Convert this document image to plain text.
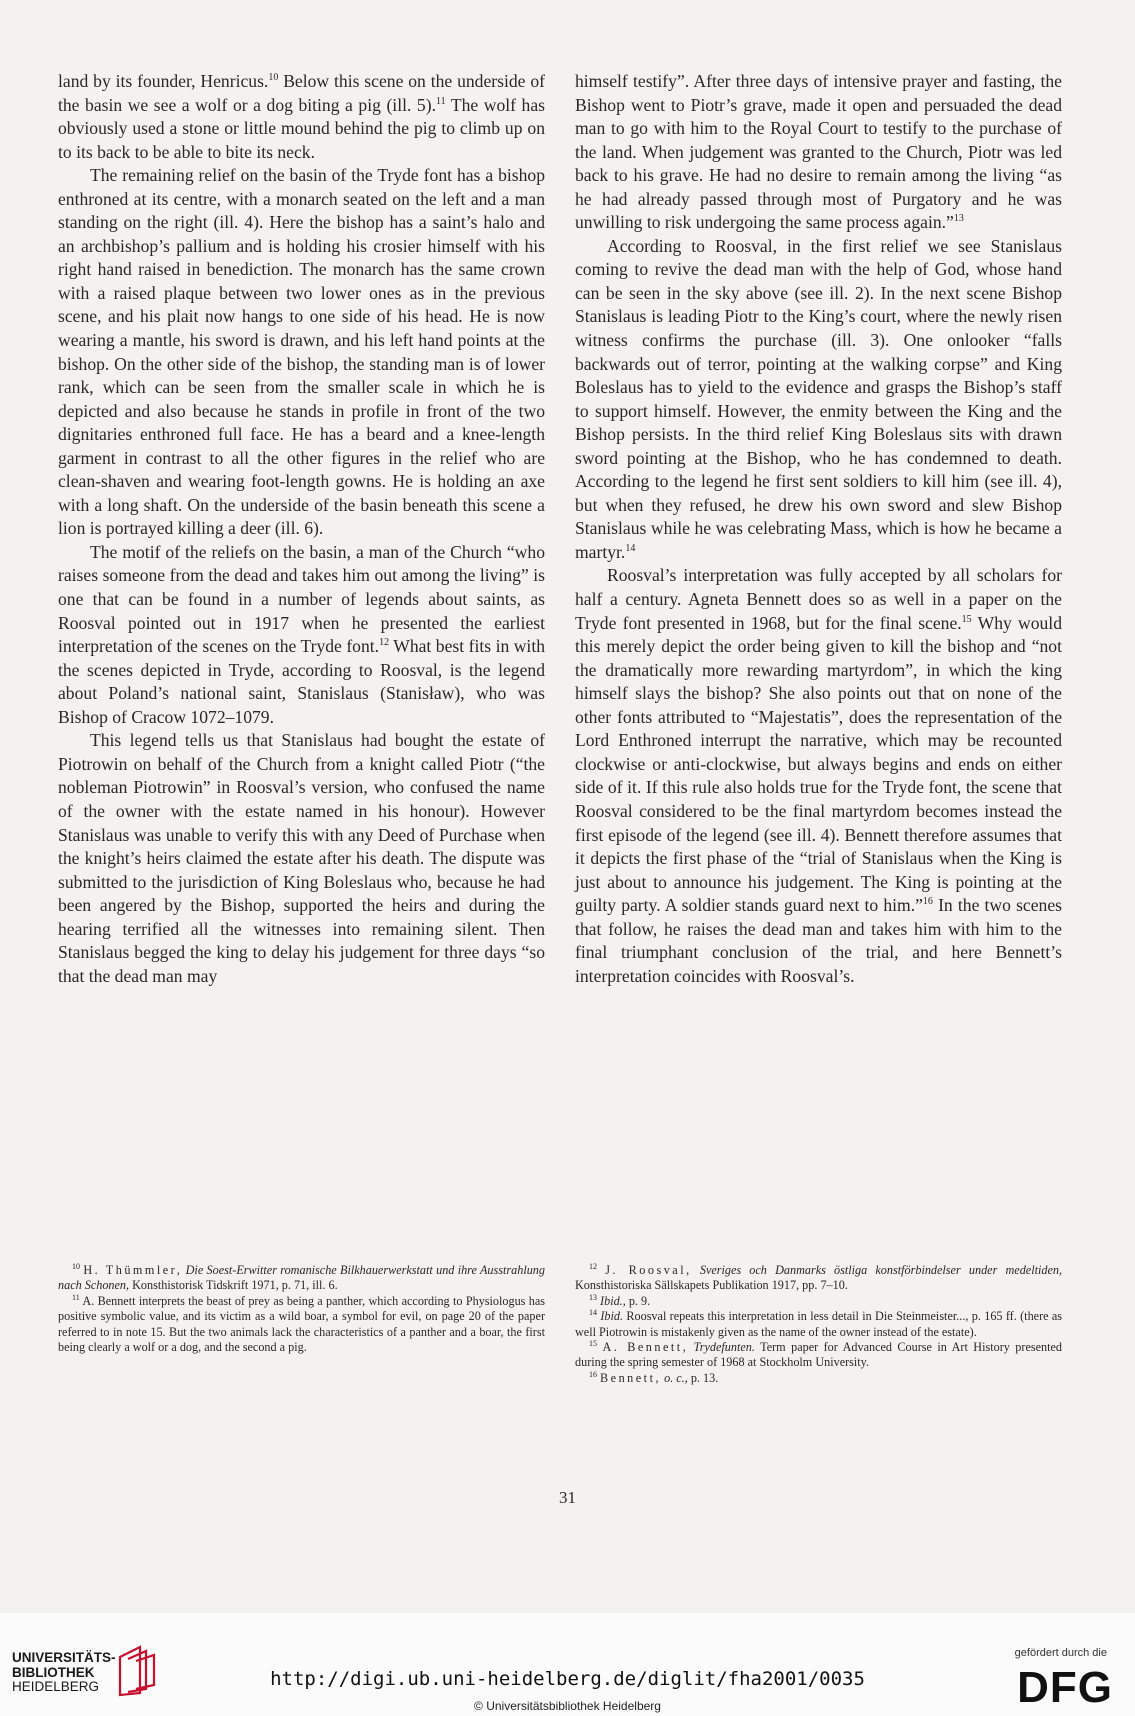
land by its founder, Henricus.$^{10}$ Below this scene on the underside of the basin we see a wolf or a dog biting a pig (ill. 5).$^{11}$ The wolf has obviously used a stone or little mound behind the pig to climb up on to its back to be able to bite its neck.

The remaining relief on the basin of the Tryde font has a bishop enthroned at its centre, with a monarch seated on the left and a man standing on the right (ill. 4). Here the bishop has a saint’s halo and an archbishop’s pallium and is holding his crosier himself with his right hand raised in benediction. The monarch has the same crown with a raised plaque between two lower ones as in the previous scene, and his plait now hangs to one side of his head. He is now wearing a mantle, his sword is drawn, and his left hand points at the bishop. On the other side of the bishop, the standing man is of lower rank, which can be seen from the smaller scale in which he is depicted and also because he stands in profile in front of the two dignitaries enthroned full face. He has a beard and a knee-length garment in contrast to all the other figures in the relief who are clean-shaven and wearing foot-length gowns. He is holding an axe with a long shaft. On the underside of the basin beneath this scene a lion is portrayed killing a deer (ill. 6).

The motif of the reliefs on the basin, a man of the Church “who raises someone from the dead and takes him out among the living” is one that can be found in a number of legends about saints, as Roosval pointed out in 1917 when he presented the earliest interpretation of the scenes on the Tryde font.$^{12}$ What best fits in with the scenes depicted in Tryde, according to Roosval, is the legend about Poland’s national saint, Stanislaus (Stanisław), who was Bishop of Cracow 1072–1079.

This legend tells us that Stanislaus had bought the estate of Piotrowin on behalf of the Church from a knight called Piotr (“the nobleman Piotrowin” in Roosval’s version, who confused the name of the owner with the estate named in his honour). However Stanislaus was unable to verify this with any Deed of Purchase when the knight’s heirs claimed the estate after his death. The dispute was submitted to the jurisdiction of King Boleslaus who, because he had been angered by the Bishop, supported the heirs and during the hearing terrified all the witnesses into remaining silent. Then Stanislaus begged the king to delay his judgement for three days “so that the dead man may

himself testify”. After three days of intensive prayer and fasting, the Bishop went to Piotr’s grave, made it open and persuaded the dead man to go with him to the Royal Court to testify to the purchase of the land. When judgement was granted to the Church, Piotr was led back to his grave. He had no desire to remain among the living “as he had already passed through most of Purgatory and he was unwilling to risk undergoing the same process again.”$^{13}$

According to Roosval, in the first relief we see Stanislaus coming to revive the dead man with the help of God, whose hand can be seen in the sky above (see ill. 2). In the next scene Bishop Stanislaus is leading Piotr to the King’s court, where the newly risen witness confirms the purchase (ill. 3). One onlooker “falls backwards out of terror, pointing at the walking corpse” and King Boleslaus has to yield to the evidence and grasps the Bishop’s staff to support himself. However, the enmity between the King and the Bishop persists. In the third relief King Boleslaus sits with drawn sword pointing at the Bishop, who he has condemned to death. According to the legend he first sent soldiers to kill him (see ill. 4), but when they refused, he drew his own sword and slew Bishop Stanislaus while he was celebrating Mass, which is how he became a martyr.$^{14}$

Roosval’s interpretation was fully accepted by all scholars for half a century. Agneta Bennett does so as well in a paper on the Tryde font presented in 1968, but for the final scene.$^{15}$ Why would this merely depict the order being given to kill the bishop and “not the dramatically more rewarding martyrdom”, in which the king himself slays the bishop? She also points out that on none of the other fonts attributed to “Majestatis”, does the representation of the Lord Enthroned interrupt the narrative, which may be recounted clockwise or anti-clockwise, but always begins and ends on either side of it. If this rule also holds true for the Tryde font, the scene that Roosval considered to be the final martyrdom becomes instead the first episode of the legend (see ill. 4). Bennett therefore assumes that it depicts the first phase of the “trial of Stanislaus when the King is just about to announce his judgement. The King is pointing at the guilty party. A soldier stands guard next to him.”$^{16}$ In the two scenes that follow, he raises the dead man and takes him with him to the final triumphant conclusion of the trial, and here Bennett’s interpretation coincides with Roosval’s.

$^{10}$ H. Thümmler, Die Soest-Erwitter romanische Bilkhauerwerkstatt und ihre Ausstrahlung nach Schonen, Konsthistorisk Tidskrift 1971, p. 71, ill. 6.

$^{11}$ A. Bennett interprets the beast of prey as being a panther, which according to Physiologus has positive symbolic value, and its victim as a wild boar, a symbol for evil, on page 20 of the paper referred to in note 15. But the two animals lack the characteristics of a panther and a boar, the first being clearly a wolf or a dog, and the second a pig.

$^{12}$ J. Roosval, Sveriges och Danmarks östliga konstförbindelser under medeltiden, Konsthistoriska Sällskapets Publikation 1917, pp. 7–10.

$^{13}$ Ibid., p. 9.

$^{14}$ Ibid. Roosval repeats this interpretation in less detail in Die Steinmeister..., p. 165 ff. (there as well Piotrowin is mistakenly given as the name of the owner instead of the estate).

$^{15}$ A. Bennett, Trydefunten. Term paper for Advanced Course in Art History presented during the spring semester of 1968 at Stockholm University.

$^{16}$ Bennett, o. c., p. 13.

31
UNIVERSITÄTS-
BIBLIOTHEK
HEIDELBERG	http://digi.ub.uni-heidelberg.de/diglit/fha2001/0035
© Universitätsbibliothek Heidelberg
gefördert durch die
DFG
